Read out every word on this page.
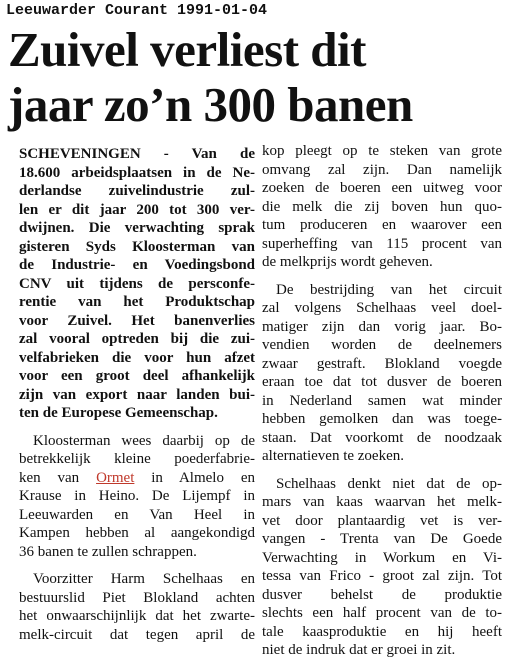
Leeuwarder Courant 1991-01-04
Zuivel verliest dit
jaar zo’n 300 banen

SCHEVENINGEN - Van de
18.600 arbeidsplaatsen in de Ne-
derlandse zuivelindustrie zul-
len er dit jaar 200 tot 300 ver-
dwijnen. Die verwachting sprak
gisteren Syds Kloosterman van
de Industrie- en Voedingsbond
CNV uit tijdens de persconfe-
rentie van het Produktschap
voor Zuivel. Het banenverlies
zal vooral optreden bij die zui-
velfabrieken die voor hun afzet
voor een groot deel afhankelijk
zijn van export naar landen bui-
ten de Europese Gemeenschap.

Kloosterman wees daarbij op de
betrekkelijk kleine poederfabrie-
ken van Ormet in Almelo en
Krause in Heino. De Lijempf in
Leeuwarden en Van Heel in
Kampen hebben al aangekondigd
36 banen te zullen schrappen.

Voorzitter Harm Schelhaas en
bestuurslid Piet Blokland achten
het onwaarschijnlijk dat het zwarte-
melk-circuit dat tegen april de

kop pleegt op te steken van grote
omvang zal zijn. Dan namelijk
zoeken de boeren een uitweg voor
die melk die zij boven hun quo-
tum produceren en waarover een
superheffing van 115 procent van
de melkprijs wordt geheven.

De bestrijding van het circuit
zal volgens Schelhaas veel doel-
matiger zijn dan vorig jaar. Bo-
vendien worden de deelnemers
zwaar gestraft. Blokland voegde
eraan toe dat tot dusver de boeren
in Nederland samen wat minder
hebben gemolken dan was toege-
staan. Dat voorkomt de noodzaak
alternatieven te zoeken.

Schelhaas denkt niet dat de op-
mars van kaas waarvan het melk-
vet door plantaardig vet is ver-
vangen - Trenta van De Goede
Verwachting in Workum en Vi-
tessa van Frico - groot zal zijn. Tot
dusver behelst de produktie
slechts een half procent van de to-
tale kaasproduktie en hij heeft
niet de indruk dat er groei in zit.
